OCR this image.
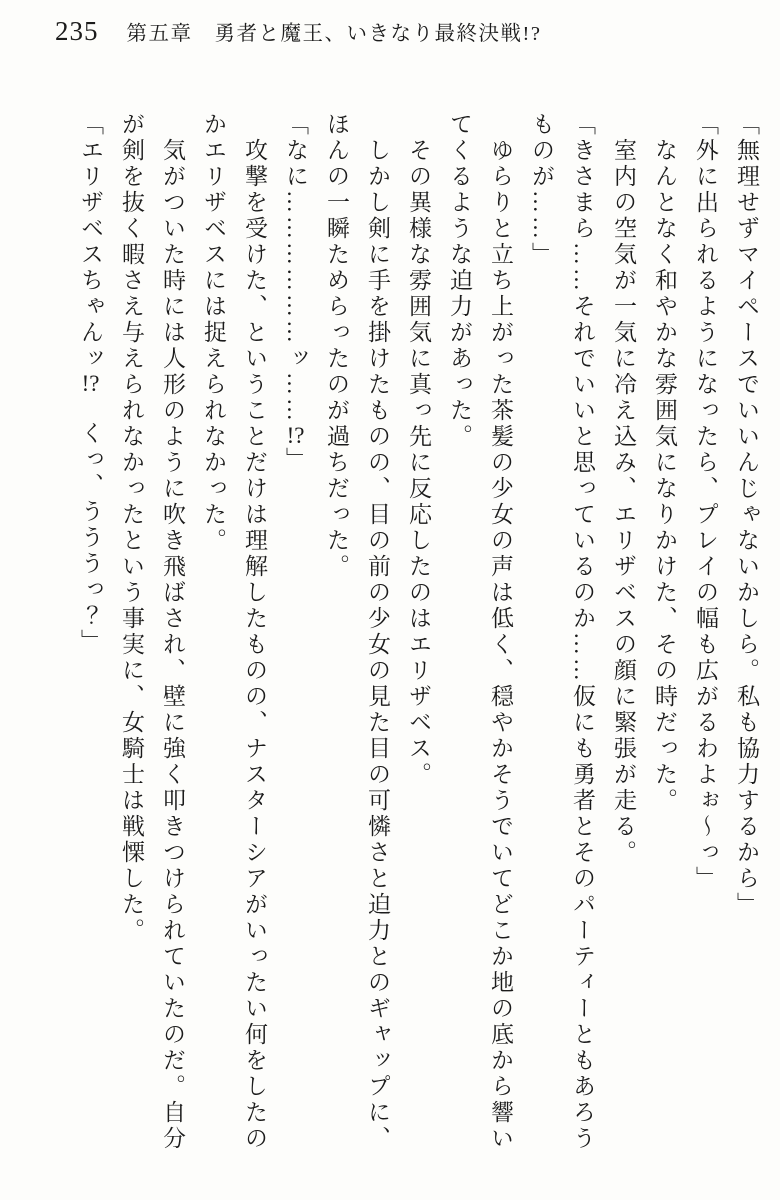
235 第五章　勇者と魔王、いきなり最終決戦!?

「無理せずマイペースでいいんじゃないかしら。私も協力するから」

「外に出られるようになったら、プレイの幅も広がるわよぉ～っ」

なんとなく和やかな雰囲気になりかけた、その時だった。

室内の空気が一気に冷え込み、エリザベスの顔に緊張が走る。

「きさまら……それでいいと思っているのか……仮にも勇者とそのパーティーともあろう

ものが……」

ゆらりと立ち上がった茶髪の少女の声は低く、穏やかそうでいてどこか地の底から響い

てくるような迫力があった。

その異様な雰囲気に真っ先に反応したのはエリザベス。

しかし剣に手を掛けたものの、目の前の少女の見た目の可憐さと迫力とのギャップに、

ほんの一瞬ためらったのが過ちだった。

「なに………………ッ……!?」

攻撃を受けた、ということだけは理解したものの、ナスターシアがいったい何をしたの

かエリザベスには捉えられなかった。

気がついた時には人形のように吹き飛ばされ、壁に強く叩きつけられていたのだ。自分

が剣を抜く暇さえ与えられなかったという事実に、女騎士は戦慄した。

「エリザベスちゃんッ!?　くっ、うううっ？」
